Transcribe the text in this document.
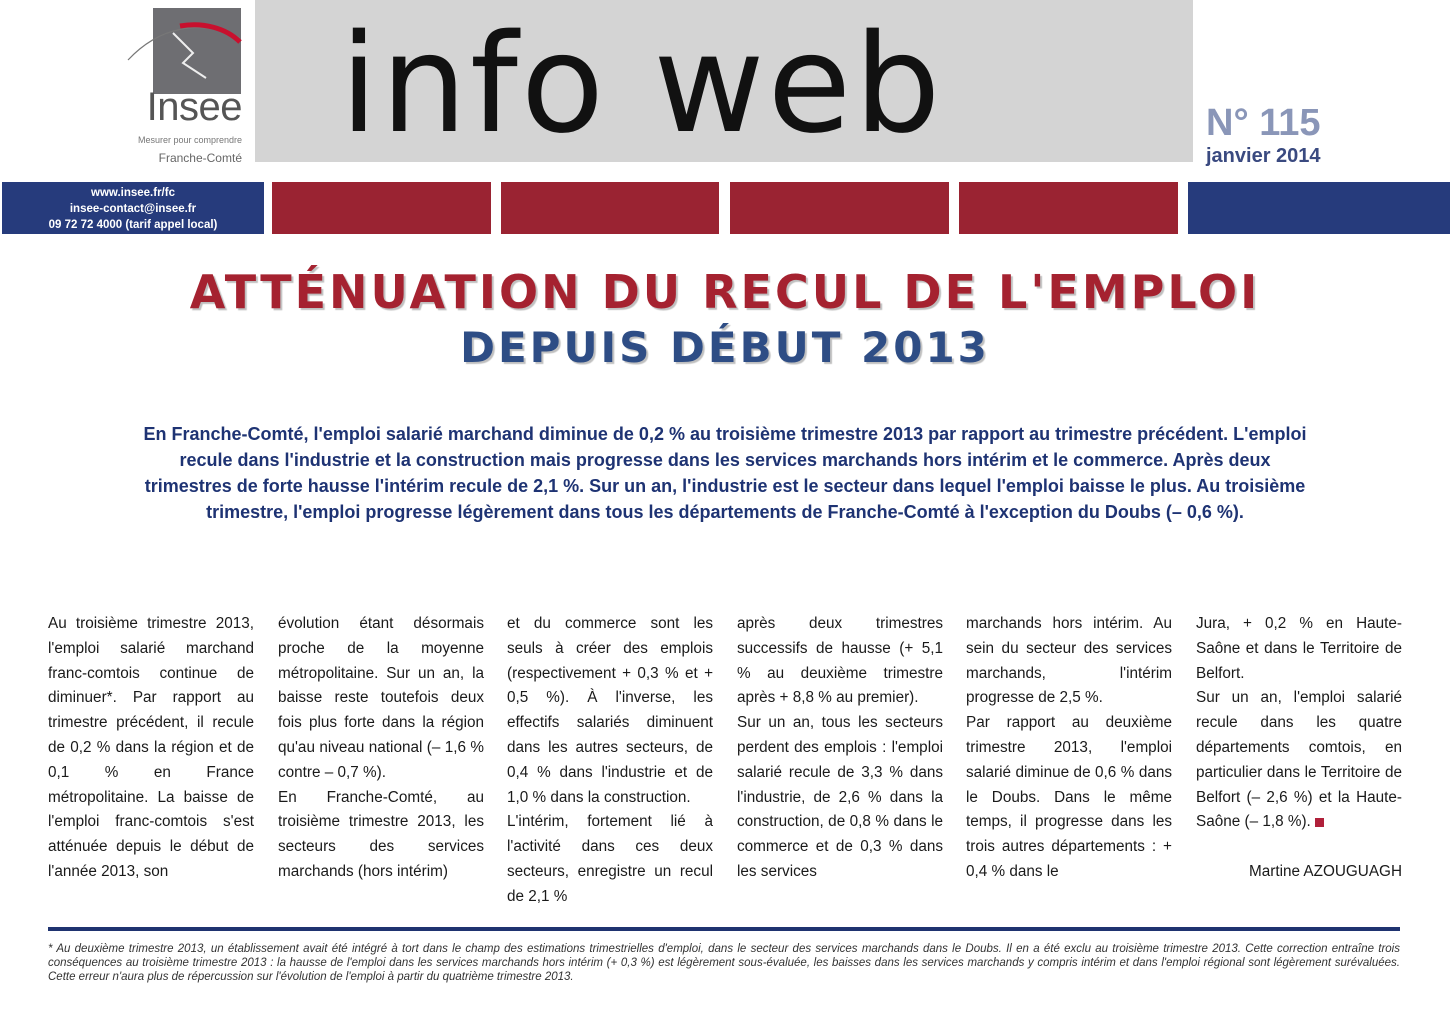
Insee
Mesurer pour comprendre
Franche-Comté info web	N° 115
janvier 2014
www.insee.fr/fc
insee-contact@insee.fr
09 72 72 4000 (tarif appel local)
ATTÉNUATION DU RECUL DE L'EMPLOI
DEPUIS DÉBUT 2013
En Franche-Comté, l'emploi salarié marchand diminue de 0,2 % au troisième trimestre 2013 par rapport au trimestre précédent. L'emploi recule dans l'industrie et la construction mais progresse dans les services marchands hors intérim et le commerce. Après deux trimestres de forte hausse l'intérim recule de 2,1 %. Sur un an, l'industrie est le secteur dans lequel l'emploi baisse le plus. Au troisième trimestre, l'emploi progresse légèrement dans tous les départements de Franche-Comté à l'exception du Doubs (– 0,6 %).
Au troisième trimestre 2013, l'emploi salarié marchand franc-comtois continue de diminuer*. Par rapport au trimestre précédent, il recule de 0,2 % dans la région et de 0,1 % en France métropolitaine. La baisse de l'emploi franc-comtois s'est atténuée depuis le début de l'année 2013, son
évolution étant désormais proche de la moyenne métropolitaine. Sur un an, la baisse reste toutefois deux fois plus forte dans la région qu'au niveau national (– 1,6 % contre – 0,7 %).
En Franche-Comté, au troisième trimestre 2013, les secteurs des services marchands (hors intérim)
et du commerce sont les seuls à créer des emplois (respectivement + 0,3 % et + 0,5 %). À l'inverse, les effectifs salariés diminuent dans les autres secteurs, de 0,4 % dans l'industrie et de 1,0 % dans la construction.
L'intérim, fortement lié à l'activité dans ces deux secteurs, enregistre un recul de 2,1 %
après deux trimestres successifs de hausse (+ 5,1 % au deuxième trimestre après + 8,8 % au premier).
Sur un an, tous les secteurs perdent des emplois : l'emploi salarié recule de 3,3 % dans l'industrie, de 2,6 % dans la construction, de 0,8 % dans le commerce et de 0,3 % dans les services
marchands hors intérim. Au sein du secteur des services marchands, l'intérim progresse de 2,5 %.
Par rapport au deuxième trimestre 2013, l'emploi salarié diminue de 0,6 % dans le Doubs. Dans le même temps, il progresse dans les trois autres départements : + 0,4 % dans le
Jura, + 0,2 % en Haute-Saône et dans le Territoire de Belfort.
Sur un an, l'emploi salarié recule dans les quatre départements comtois, en particulier dans le Territoire de Belfort (– 2,6 %) et la Haute-Saône (– 1,8 %).
Martine AZOUGUAGH
* Au deuxième trimestre 2013, un établissement avait été intégré à tort dans le champ des estimations trimestrielles d'emploi, dans le secteur des services marchands dans le Doubs. Il en a été exclu au troisième trimestre 2013. Cette correction entraîne trois conséquences au troisième trimestre 2013 : la hausse de l'emploi dans les services marchands hors intérim (+ 0,3 %) est légèrement sous-évaluée, les baisses dans les services marchands y compris intérim et dans l'emploi régional sont légèrement surévaluées. Cette erreur n'aura plus de répercussion sur l'évolution de l'emploi à partir du quatrième trimestre 2013.
